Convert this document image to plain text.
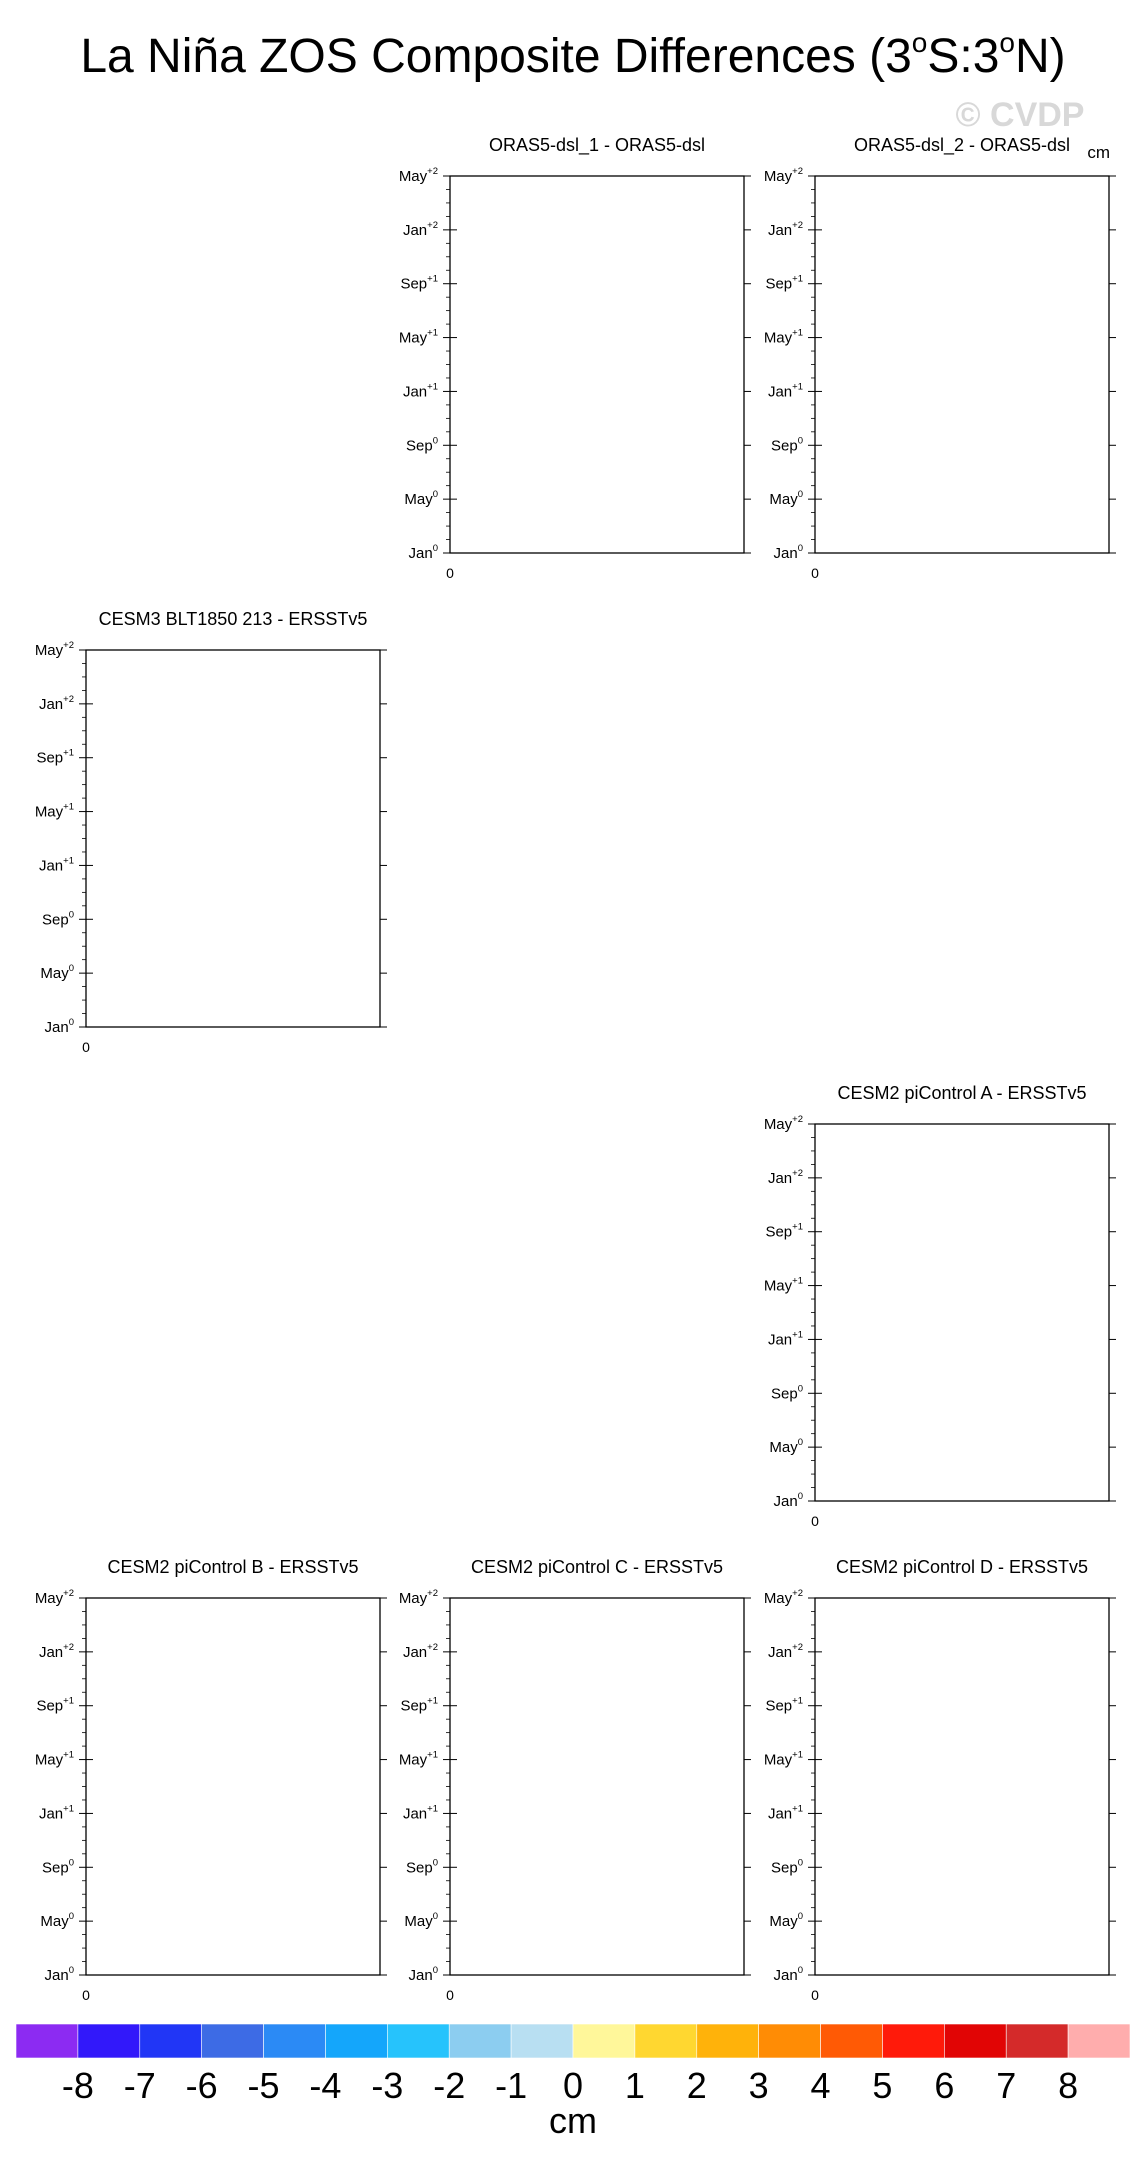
La Niña ZOS Composite Differences (3$^o$S:3$^o$N)
© CVDP
cm
ORAS5-dsl_1 - ORAS5-dsl
Jan$^0$
May$^0$
Sep$^0$
Jan$^{+1}$
May$^{+1}$
Sep$^{+1}$
Jan$^{+2}$
May$^{+2}$
0
ORAS5-dsl_2 - ORAS5-dsl
Jan$^0$
May$^0$
Sep$^0$
Jan$^{+1}$
May$^{+1}$
Sep$^{+1}$
Jan$^{+2}$
May$^{+2}$
0
CESM3 BLT1850 213 - ERSSTv5
Jan$^0$
May$^0$
Sep$^0$
Jan$^{+1}$
May$^{+1}$
Sep$^{+1}$
Jan$^{+2}$
May$^{+2}$
0
CESM2 piControl A - ERSSTv5
Jan$^0$
May$^0$
Sep$^0$
Jan$^{+1}$
May$^{+1}$
Sep$^{+1}$
Jan$^{+2}$
May$^{+2}$
0
CESM2 piControl B - ERSSTv5
Jan$^0$
May$^0$
Sep$^0$
Jan$^{+1}$
May$^{+1}$
Sep$^{+1}$
Jan$^{+2}$
May$^{+2}$
0
CESM2 piControl C - ERSSTv5
Jan$^0$
May$^0$
Sep$^0$
Jan$^{+1}$
May$^{+1}$
Sep$^{+1}$
Jan$^{+2}$
May$^{+2}$
0
CESM2 piControl D - ERSSTv5
Jan$^0$
May$^0$
Sep$^0$
Jan$^{+1}$
May$^{+1}$
Sep$^{+1}$
Jan$^{+2}$
May$^{+2}$
0
-8 -7 -6 -5 -4 -3 -2 -1 0 1 2 3 4 5 6 7 8
cm
